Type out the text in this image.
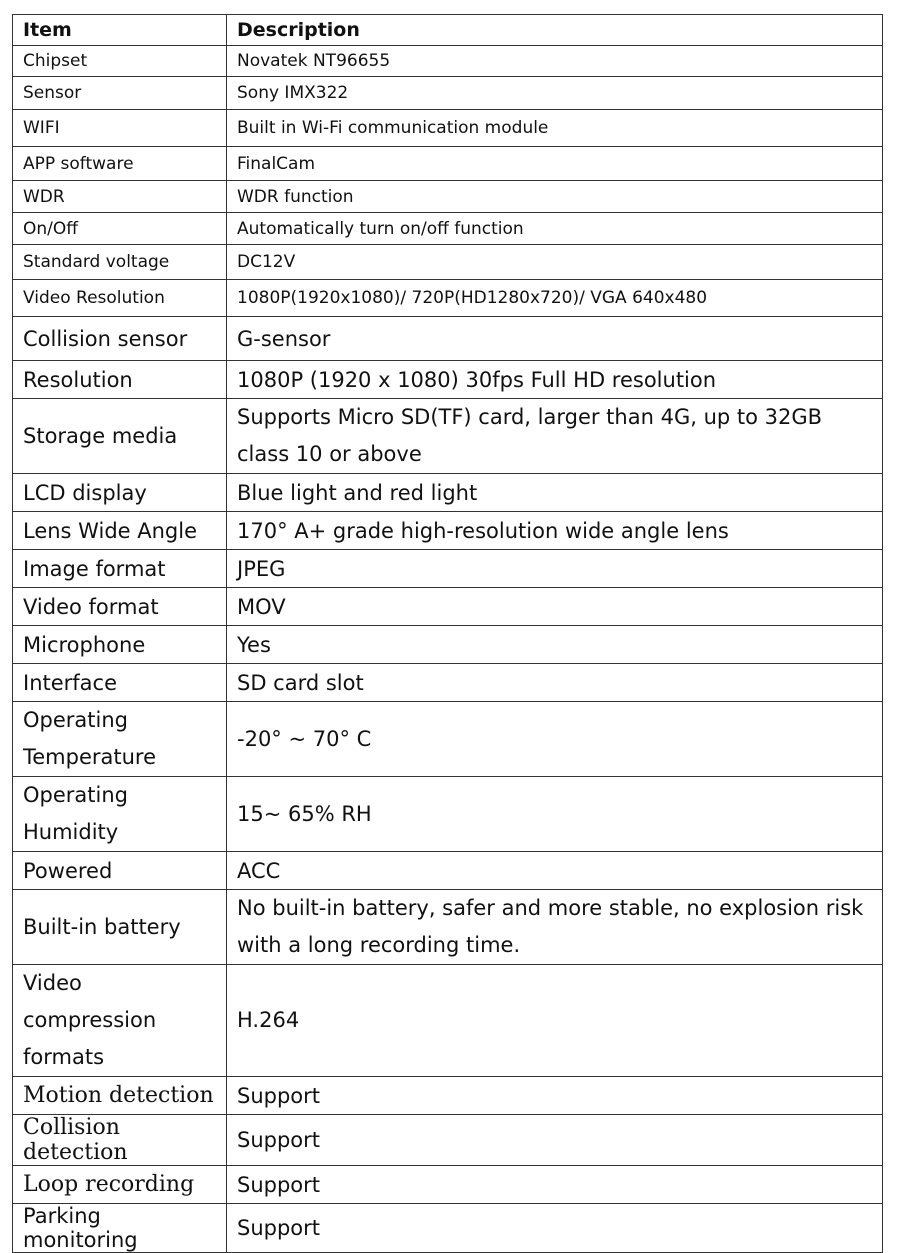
Item	Description
Chipset	Novatek NT96655
Sensor	Sony IMX322
WIFI	Built in Wi-Fi communication module
APP software	FinalCam
WDR	WDR function
On/Off	Automatically turn on/off function
Standard voltage	DC12V
Video Resolution	1080P(1920x1080)/ 720P(HD1280x720)/ VGA 640x480
Collision sensor	G-sensor
Resolution	1080P (1920 x 1080) 30fps Full HD resolution
Storage media	Supports Micro SD(TF) card, larger than 4G, up to 32GB class 10 or above
LCD display	Blue light and red light
Lens Wide Angle	170° A+ grade high-resolution wide angle lens
Image format	JPEG
Video format	MOV
Microphone	Yes
Interface	SD card slot
Operating Temperature	-20° ~ 70° C
Operating Humidity	15~ 65% RH
Powered	ACC
Built-in battery	No built-in battery, safer and more stable, no explosion risk with a long recording time.
Video compression formats	H.264
Motion detection	Support
Collision detection	Support
Loop recording	Support
Parking monitoring	Support
